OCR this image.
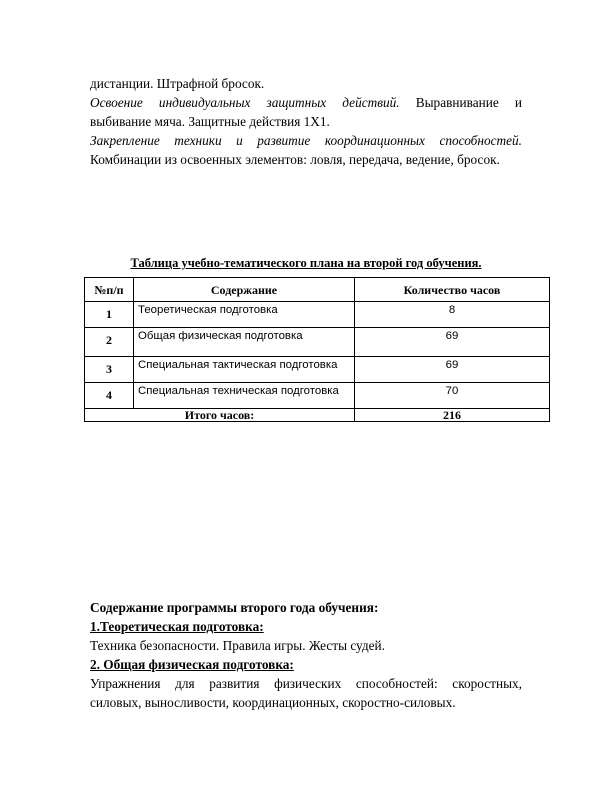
дистанции. Штрафной бросок.

Освоение индивидуальных защитных действий. Выравнивание и

выбивание мяча. Защитные действия 1X1.

Закрепление техники и развитие координационных способностей.

Комбинации из освоенных элементов: ловля, передача, ведение, бросок.

Таблица учебно-тематического плана на второй год обучения.
№п/п	Содержание	Количество часов
1	Теоретическая подготовка	8
2	Общая физическая подготовка	69
3	Специальная тактическая подготовка	69
4	Специальная техническая подготовка	70
Итого часов:		216

Содержание программы второго года обучения:

1.Теоретическая подготовка:

Техника безопасности. Правила игры. Жесты судей.

2. Общая физическая подготовка:

Упражнения для развития физических способностей: скоростных,

силовых, выносливости, координационных, скоростно-силовых.
